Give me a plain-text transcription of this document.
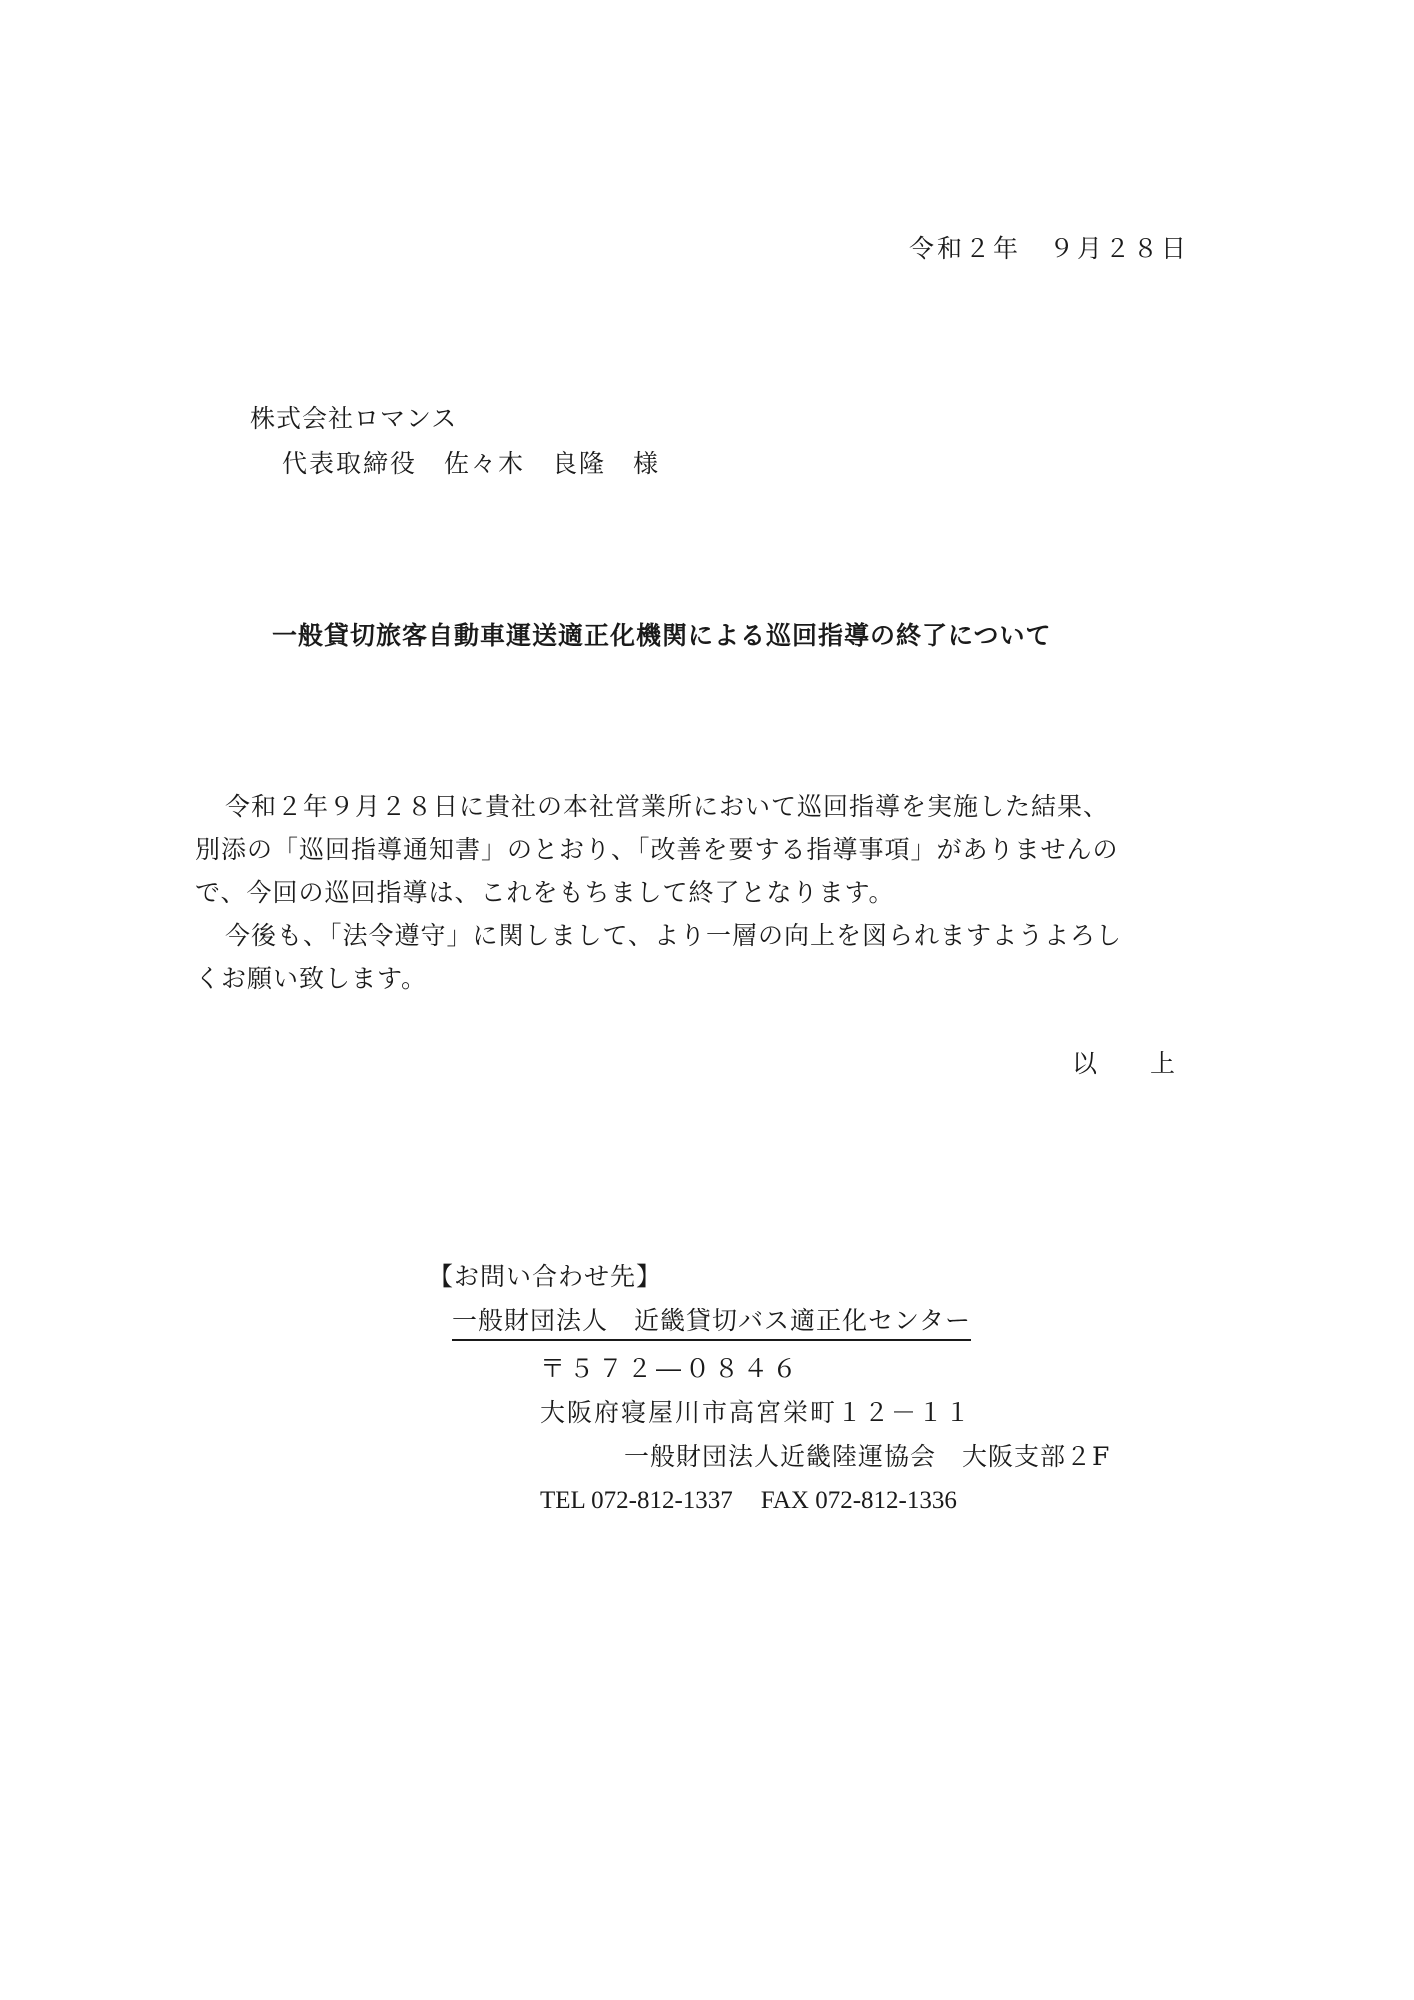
令和２年　９月２８日
株式会社ロマンス
代表取締役　佐々木　良隆　様
一般貸切旅客自動車運送適正化機関による巡回指導の終了について
令和２年９月２８日に貴社の本社営業所において巡回指導を実施した結果、
別添の「巡回指導通知書」のとおり、「改善を要する指導事項」がありませんの
で、今回の巡回指導は、これをもちまして終了となります。
今後も、「法令遵守」に関しまして、より一層の向上を図られますようよろし
くお願い致します。
以　上
【お問い合わせ先】
一般財団法人　近畿貸切バス適正化センター
〒５７２―０８４６
大阪府寝屋川市高宮栄町１２－１１
一般財団法人近畿陸運協会　大阪支部２F
TEL 072-812-1337 FAX 072-812-1336
